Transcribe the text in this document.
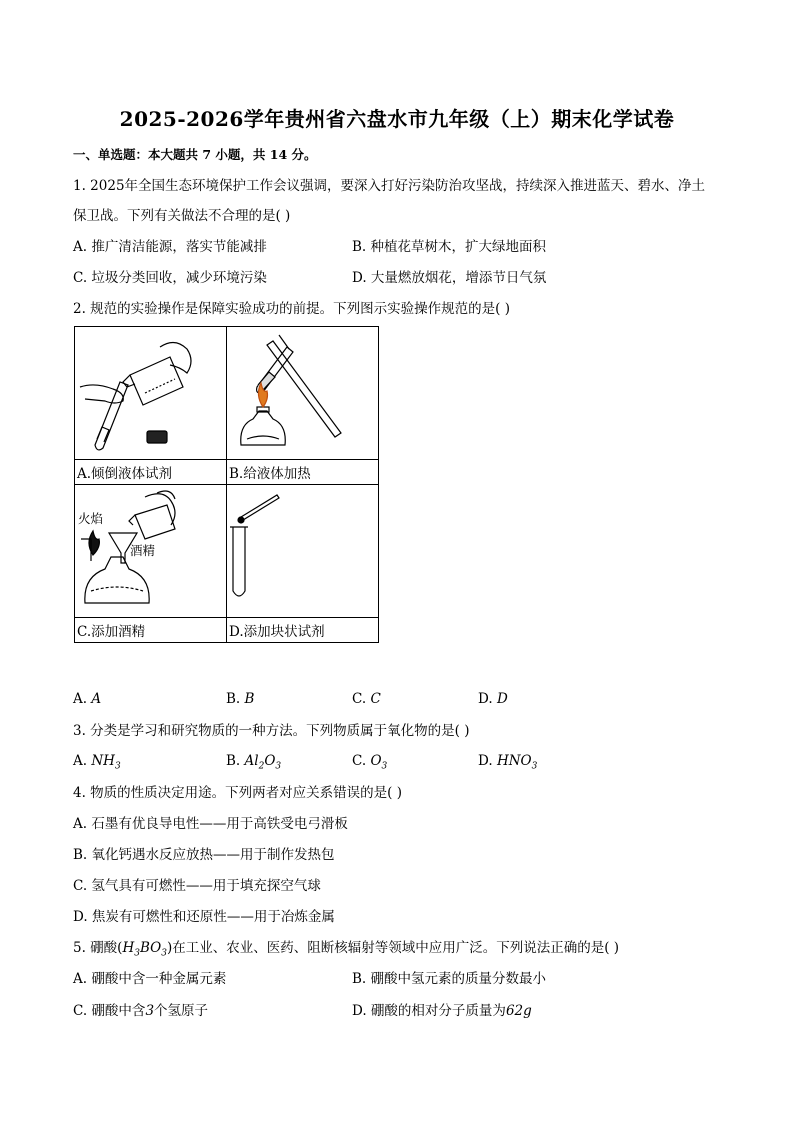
2025-2026学年贵州省六盘水市九年级（上）期末化学试卷
一、单选题：本大题共 7 小题，共 14 分。
1. 2025年全国生态环境保护工作会议强调，要深入打好污染防治攻坚战，持续深入推进蓝天、碧水、净土
保卫战。下列有关做法不合理的是( )
A. 推广清洁能源，落实节能减排	B. 种植花草树木，扩大绿地面积
C. 垃圾分类回收，减少环境污染	D. 大量燃放烟花，增添节日气氛
2. 规范的实验操作是保障实验成功的前提。下列图示实验操作规范的是( )

A.倾倒液体试剂	B.给液体加热

火焰
酒精

C.添加酒精	D.添加块状试剂
A. A	B. B	C. C	D. D
3. 分类是学习和研究物质的一种方法。下列物质属于氧化物的是( )
A. $NH_3$	B. $Al_2O_3$	C. $O_3$	D. $HNO_3$
4. 物质的性质决定用途。下列两者对应关系错误的是( )
A. 石墨有优良导电性——用于高铁受电弓滑板
B. 氧化钙遇水反应放热——用于制作发热包
C. 氢气具有可燃性——用于填充探空气球
D. 焦炭有可燃性和还原性——用于冶炼金属
5. 硼酸$(H_3BO_3)$在工业、农业、医药、阻断核辐射等领域中应用广泛。下列说法正确的是( )
A. 硼酸中含一种金属元素	B. 硼酸中氢元素的质量分数最小
C. 硼酸中含3个氢原子	D. 硼酸的相对分子质量为62g
